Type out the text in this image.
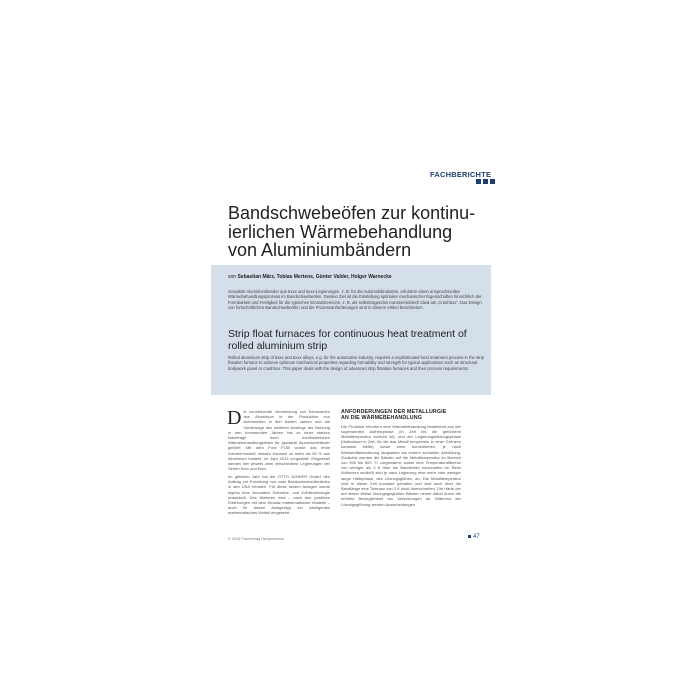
FACHBERICHTE
Bandschwebeöfen zur kontinu-
ierlichen Wärmebehandlung
von Aluminiumbändern
von Sebastian März, Tobias Mertens, Günter Valder, Holger Warnecke
Gewalzte Aluminiumbänder aus 5xxx und 6xxx-Legierungen, z. B. für die Automobilindustrie, erfordern einen anspruchsvollen Wärmebehandlungsprozess im Bandschwebeofen. Dessen Ziel ist die Einstellung optimaler mechanischer Eigenschaften hinsichtlich der Formbarkeit und Festigkeit für die typischen Einsatzbereiche, z. B. als selbsttragendes Karosserieblech ideal als „Crashbox“. Das Design von fortschrittlichen Bandschwebeöfen und die Prozessanforderungen sind in diesem Artikel beschrieben.
Strip float furnaces for continuous heat treatment of rolled aluminium strip
Rolled aluminium strip of 5xxx and 6xxx alloys, e.g. for the automotive industry, requires a sophisticated heat treatment process in the strip flotation furnace to achieve optimum mechanical properties regarding formability and strength for typical applications such as structural bodywork panel or crashbox. This paper deals with the design of advanced strip flotation furnaces and their process requirements.

Die zunehmende Verwendung von Karosserien aus Aluminium in der Produktion von Automobilen in den letzten Jahren und die Vorhersage des weiteren Anstiegs der Nutzung in den kommenden Jahren hat zu einer starken Nachfrage nach kontinuierlichen Wärmebehandlungslinien für gewalzte Aluminiumbänder geführt. Mit dem Ford F150 wurde das erste Volumenmodell, dessen Karosse zu mehr als 90 % aus Aluminium besteht, im Jahr 2014 vorgestellt. Eingesetzt werden hier jeweils zwei verschiedene Legierungen der Serien 5xxx und 6xxx.

Im gleichen Jahr hat die OTTO JUNKER GmbH den Auftrag zur Errichtung von zwei Bandschwebeöfenlinien in den USA erhalten. Für diese beiden Anlagen wurde eigens eine innovative Schwebe- und Kühltechnologie entwickelt. Des Weiteren wird – nach den positiven Erfahrungen mit dem Einsatz mathematischer Modelle – auch für diesen Anlagentyp ein intelligentes mathematisches Modell eingesetzt.

ANFORDERUNGEN DER METALLURGIE
AN DIE WÄRMEBEHANDLUNG

Die Produkte erfordern eine Wärmebehandlung bestehend aus der sogenannten Aufheizphase (in Zeit bis die geforderte Metalltemperatur erreicht ist), und der Legierungsbildungsphase (Haltedauer in Zeit, für die das Metall temperatur in einer Grenzen konstant bleibt) sowie einer kontrollierten, je nach Werkstoffanforderung langsamer bis extrem schnellen Abkühlung. Zunächst werden die Bänder auf die Metalltemperatur im Bereich von 500 bis 600 °C vorgewärmt, wobei eine Temperaturdifferenz von weniger als 3 K über die Bandbreite einzuhalten ist. Beim Aufheizen schließt sich je nach Legierung eine mehr oder weniger lange Haltephase, des Lösungsglühen, an. Die Metalltemperatur wird in dieser Zeit konstant gehalten und darf auch über die Bandlänge eine Toleranz von 3 K nicht überschreiten. Die Härte der auf dieser Weise lösungsgeglühten Bänder nimmt dabei durch die erhöhte Beweglichkeit von Versetzungen ab. Während der Lösungsglühung werden Ausscheidungen

© 2015 Fachverlag Heizprozesse	47
